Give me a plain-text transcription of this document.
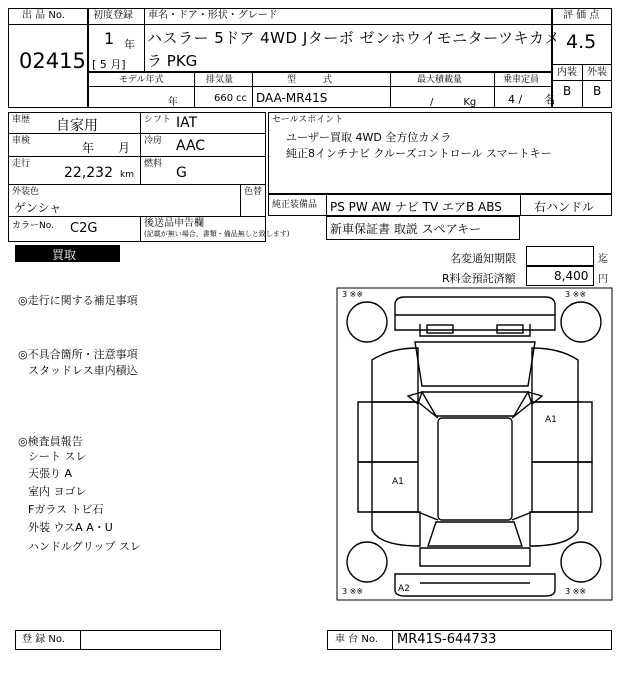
出 品 No.
02415
初度登録 車名・ドア・形状・グレード
1 年
[ 5 月]
ハスラー 5ドア 4WD Jターボ ゼンホウイモニターツキカメ
ラ PKG
評 価 点
4.5
内装 外装
B B
モデル年式	排気量	型　　　式	最大積載量	乗車定員
年	660 cc DAA-MR41S	/　　　Kg	4 /　　名
車歴 自家用	シフト IAT
車検	年　　月 冷房 AAC
走行
22,232 km
燃料
G
外装色
ゲンシャ
色替
カラーNo. C2G	後送品申告欄
(記載が無い場合、書類・備品無しと致します)
セールスポイント
ユーザー買取 4WD 全方位カメラ
純正8インチナビ クルーズコントロール スマートキー
純正装備品 PS PW AW ナビ TV エアB ABS	右ハンドル
新車保証書 取説 スペアキー
買取	名変通知期限	迄
R料金預託済額	8,400 円
◎走行に関する補足事項
◎不具合箇所・注意事項
スタッドレス車内積込
◎検査員報告
シート スレ
天張り A
室内 ヨゴレ
Fガラス トビ石
外装 ウスA A・U
ハンドルグリップ スレ
3 ※※	3 ※※
3 ※※	3 ※※
A1
A1
A2
登 録 No.	車 台 No. MR41S-644733
